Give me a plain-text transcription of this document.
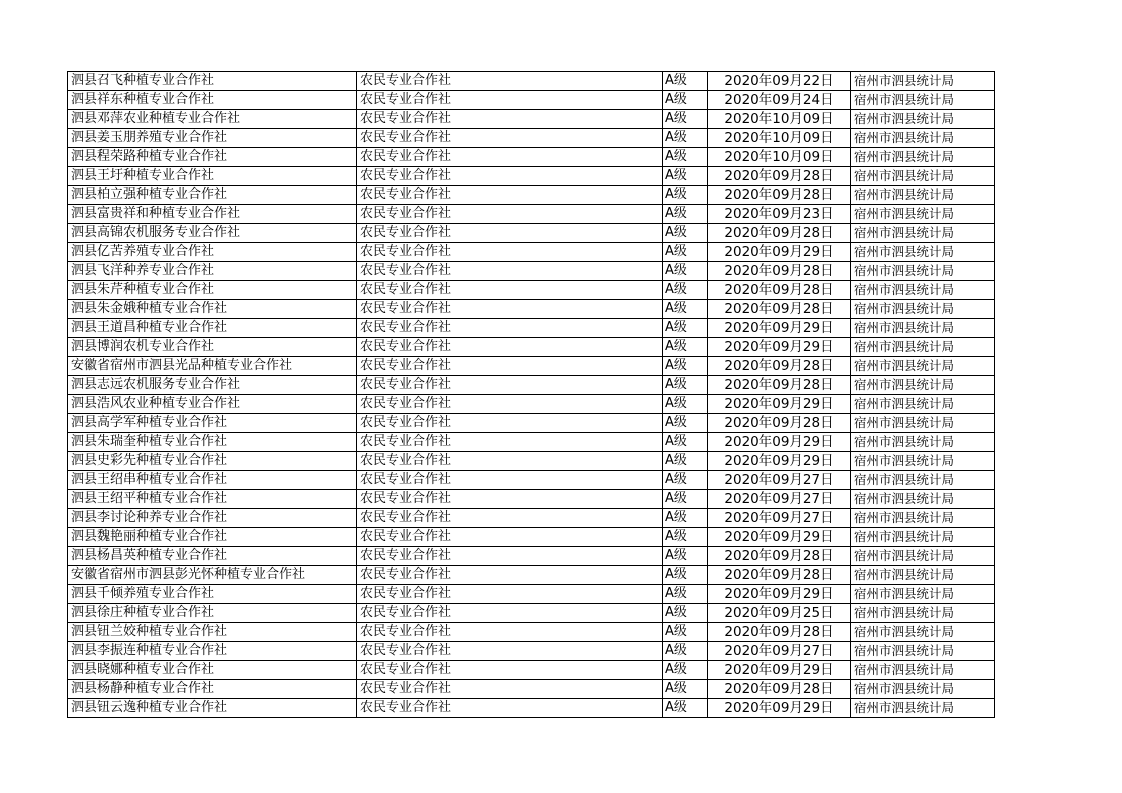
泗县召飞种植专业合作社	农民专业合作社	A级	2020年09月22日	宿州市泗县统计局
泗县祥东种植专业合作社	农民专业合作社	A级	2020年09月24日	宿州市泗县统计局
泗县邓萍农业种植专业合作社	农民专业合作社	A级	2020年10月09日	宿州市泗县统计局
泗县姜玉朋养殖专业合作社	农民专业合作社	A级	2020年10月09日	宿州市泗县统计局
泗县程荣路种植专业合作社	农民专业合作社	A级	2020年10月09日	宿州市泗县统计局
泗县王圩种植专业合作社	农民专业合作社	A级	2020年09月28日	宿州市泗县统计局
泗县柏立强种植专业合作社	农民专业合作社	A级	2020年09月28日	宿州市泗县统计局
泗县富贵祥和种植专业合作社	农民专业合作社	A级	2020年09月23日	宿州市泗县统计局
泗县高锦农机服务专业合作社	农民专业合作社	A级	2020年09月28日	宿州市泗县统计局
泗县亿苦养殖专业合作社	农民专业合作社	A级	2020年09月29日	宿州市泗县统计局
泗县飞洋种养专业合作社	农民专业合作社	A级	2020年09月28日	宿州市泗县统计局
泗县朱芹种植专业合作社	农民专业合作社	A级	2020年09月28日	宿州市泗县统计局
泗县朱金娥种植专业合作社	农民专业合作社	A级	2020年09月28日	宿州市泗县统计局
泗县王道昌种植专业合作社	农民专业合作社	A级	2020年09月29日	宿州市泗县统计局
泗县博润农机专业合作社	农民专业合作社	A级	2020年09月29日	宿州市泗县统计局
安徽省宿州市泗县光品种植专业合作社	农民专业合作社	A级	2020年09月28日	宿州市泗县统计局
泗县志远农机服务专业合作社	农民专业合作社	A级	2020年09月28日	宿州市泗县统计局
泗县浩风农业种植专业合作社	农民专业合作社	A级	2020年09月29日	宿州市泗县统计局
泗县高学军种植专业合作社	农民专业合作社	A级	2020年09月28日	宿州市泗县统计局
泗县朱瑞奎种植专业合作社	农民专业合作社	A级	2020年09月29日	宿州市泗县统计局
泗县史彩先种植专业合作社	农民专业合作社	A级	2020年09月29日	宿州市泗县统计局
泗县王绍串种植专业合作社	农民专业合作社	A级	2020年09月27日	宿州市泗县统计局
泗县王绍平种植专业合作社	农民专业合作社	A级	2020年09月27日	宿州市泗县统计局
泗县李讨论种养专业合作社	农民专业合作社	A级	2020年09月27日	宿州市泗县统计局
泗县魏艳丽种植专业合作社	农民专业合作社	A级	2020年09月29日	宿州市泗县统计局
泗县杨昌英种植专业合作社	农民专业合作社	A级	2020年09月28日	宿州市泗县统计局
安徽省宿州市泗县彭光怀种植专业合作社	农民专业合作社	A级	2020年09月28日	宿州市泗县统计局
泗县千倾养殖专业合作社	农民专业合作社	A级	2020年09月29日	宿州市泗县统计局
泗县徐庄种植专业合作社	农民专业合作社	A级	2020年09月25日	宿州市泗县统计局
泗县钮兰姣种植专业合作社	农民专业合作社	A级	2020年09月28日	宿州市泗县统计局
泗县李振连种植专业合作社	农民专业合作社	A级	2020年09月27日	宿州市泗县统计局
泗县晓娜种植专业合作社	农民专业合作社	A级	2020年09月29日	宿州市泗县统计局
泗县杨静种植专业合作社	农民专业合作社	A级	2020年09月28日	宿州市泗县统计局
泗县钮云逸种植专业合作社	农民专业合作社	A级	2020年09月29日	宿州市泗县统计局
